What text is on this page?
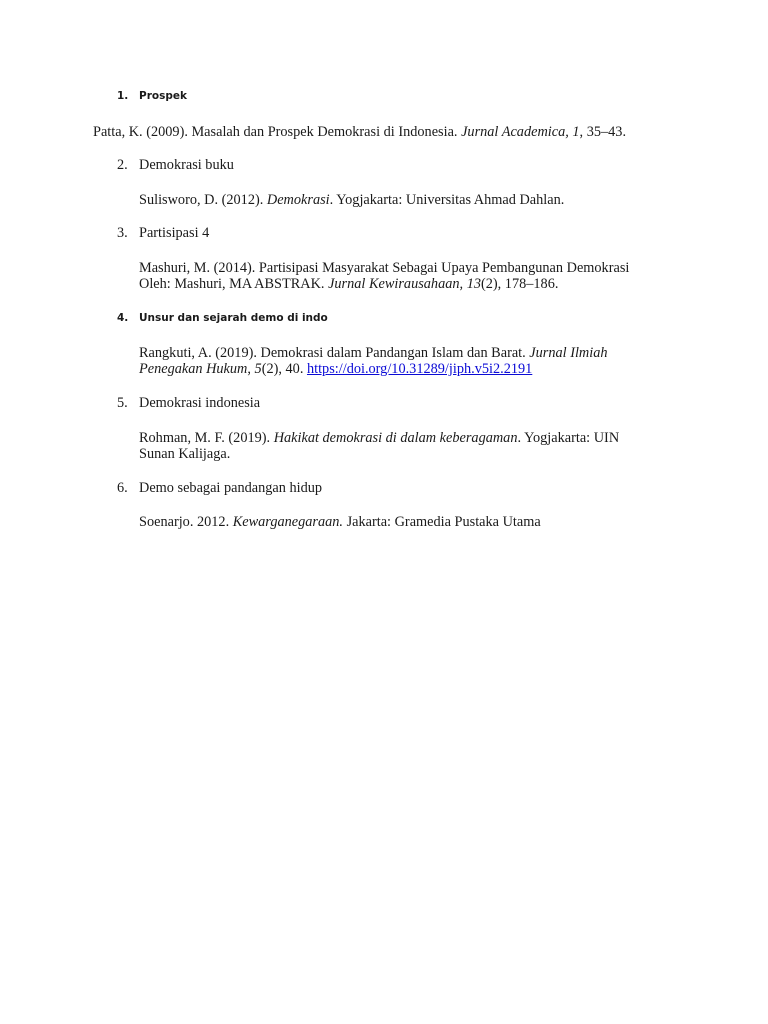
1. Prospek
Patta, K. (2009). Masalah dan Prospek Demokrasi di Indonesia. Jurnal Academica, 1, 35–43.
2. Demokrasi buku
Sulisworo, D. (2012). Demokrasi. Yogjakarta: Universitas Ahmad Dahlan.
3. Partisipasi 4
Mashuri, M. (2014). Partisipasi Masyarakat Sebagai Upaya Pembangunan Demokrasi
Oleh: Mashuri, MA ABSTRAK. Jurnal Kewirausahaan, 13(2), 178–186.
4. Unsur dan sejarah demo di indo
Rangkuti, A. (2019). Demokrasi dalam Pandangan Islam dan Barat. Jurnal Ilmiah
Penegakan Hukum, 5(2), 40. https://doi.org/10.31289/jiph.v5i2.2191
5. Demokrasi indonesia
Rohman, M. F. (2019). Hakikat demokrasi di dalam keberagaman. Yogjakarta: UIN
Sunan Kalijaga.
6. Demo sebagai pandangan hidup
Soenarjo. 2012. Kewarganegaraan. Jakarta: Gramedia Pustaka Utama
